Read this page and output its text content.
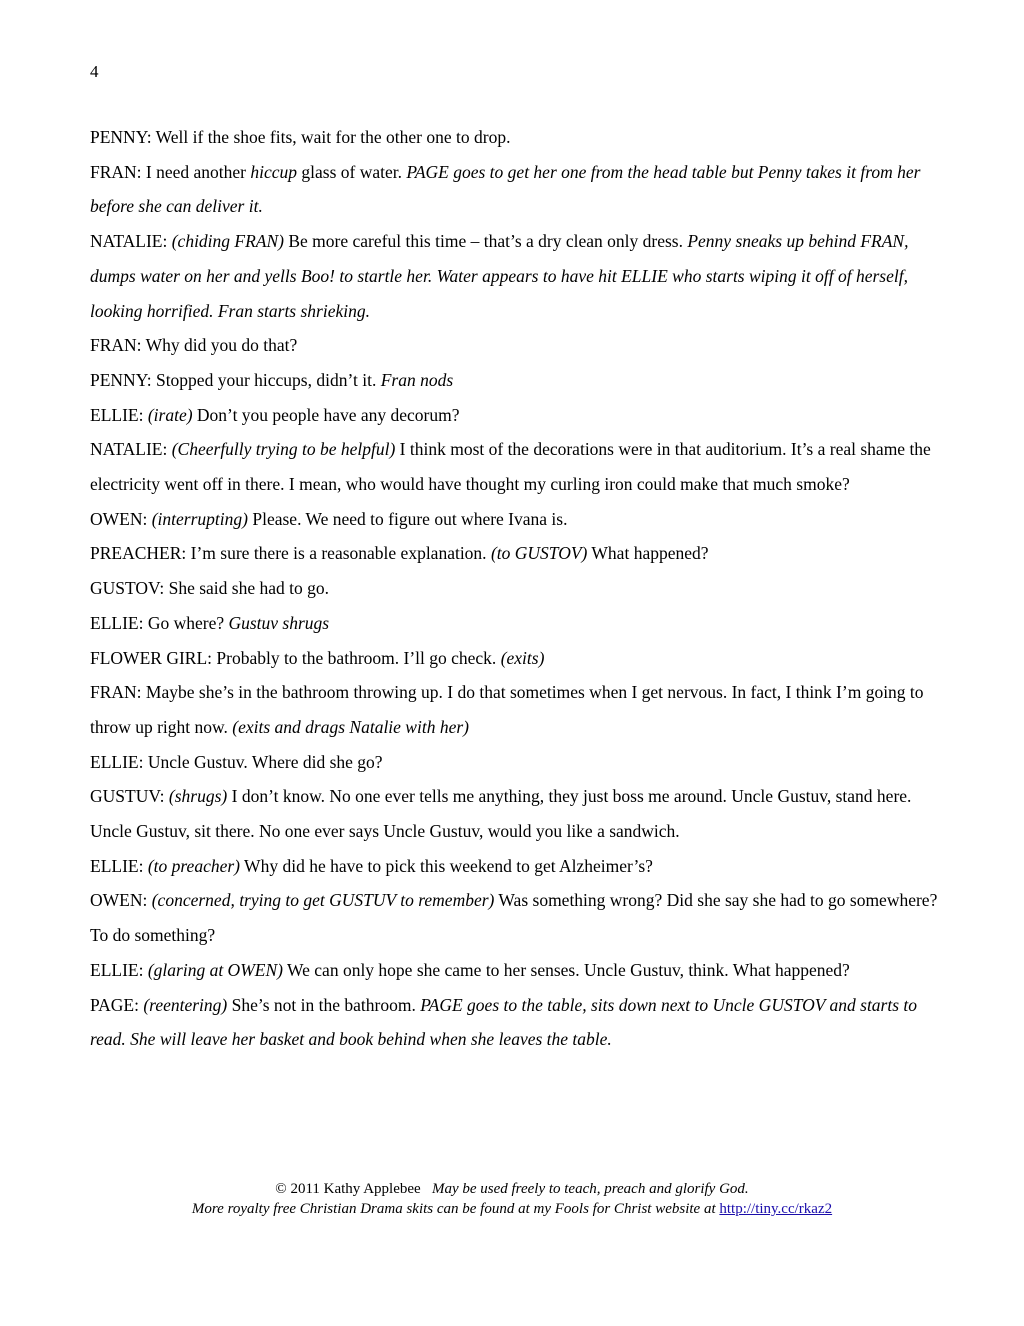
4

PENNY: Well if the shoe fits, wait for the other one to drop.

FRAN: I need another hiccup glass of water. PAGE goes to get her one from the head table but Penny takes it from her before she can deliver it.

NATALIE: (chiding FRAN) Be more careful this time – that’s a dry clean only dress. Penny sneaks up behind FRAN, dumps water on her and yells Boo! to startle her. Water appears to have hit ELLIE who starts wiping it off of herself, looking horrified. Fran starts shrieking.

FRAN: Why did you do that?

PENNY: Stopped your hiccups, didn’t it. Fran nods

ELLIE: (irate) Don’t you people have any decorum?

NATALIE: (Cheerfully trying to be helpful) I think most of the decorations were in that auditorium. It’s a real shame the electricity went off in there. I mean, who would have thought my curling iron could make that much smoke?

OWEN: (interrupting) Please. We need to figure out where Ivana is.

PREACHER: I’m sure there is a reasonable explanation. (to GUSTOV) What happened?

GUSTOV: She said she had to go.

ELLIE: Go where? Gustuv shrugs

FLOWER GIRL: Probably to the bathroom. I’ll go check. (exits)

FRAN: Maybe she’s in the bathroom throwing up. I do that sometimes when I get nervous. In fact, I think I’m going to throw up right now. (exits and drags Natalie with her)

ELLIE: Uncle Gustuv. Where did she go?

GUSTUV: (shrugs) I don’t know. No one ever tells me anything, they just boss me around. Uncle Gustuv, stand here. Uncle Gustuv, sit there. No one ever says Uncle Gustuv, would you like a sandwich.

ELLIE: (to preacher) Why did he have to pick this weekend to get Alzheimer’s?

OWEN: (concerned, trying to get GUSTUV to remember) Was something wrong? Did she say she had to go somewhere? To do something?

ELLIE: (glaring at OWEN) We can only hope she came to her senses. Uncle Gustuv, think. What happened?

PAGE: (reentering) She’s not in the bathroom. PAGE goes to the table, sits down next to Uncle GUSTOV and starts to read. She will leave her basket and book behind when she leaves the table.

© 2011 Kathy Applebee May be used freely to teach, preach and glorify God.
More royalty free Christian Drama skits can be found at my Fools for Christ website at http://tiny.cc/rkaz2
